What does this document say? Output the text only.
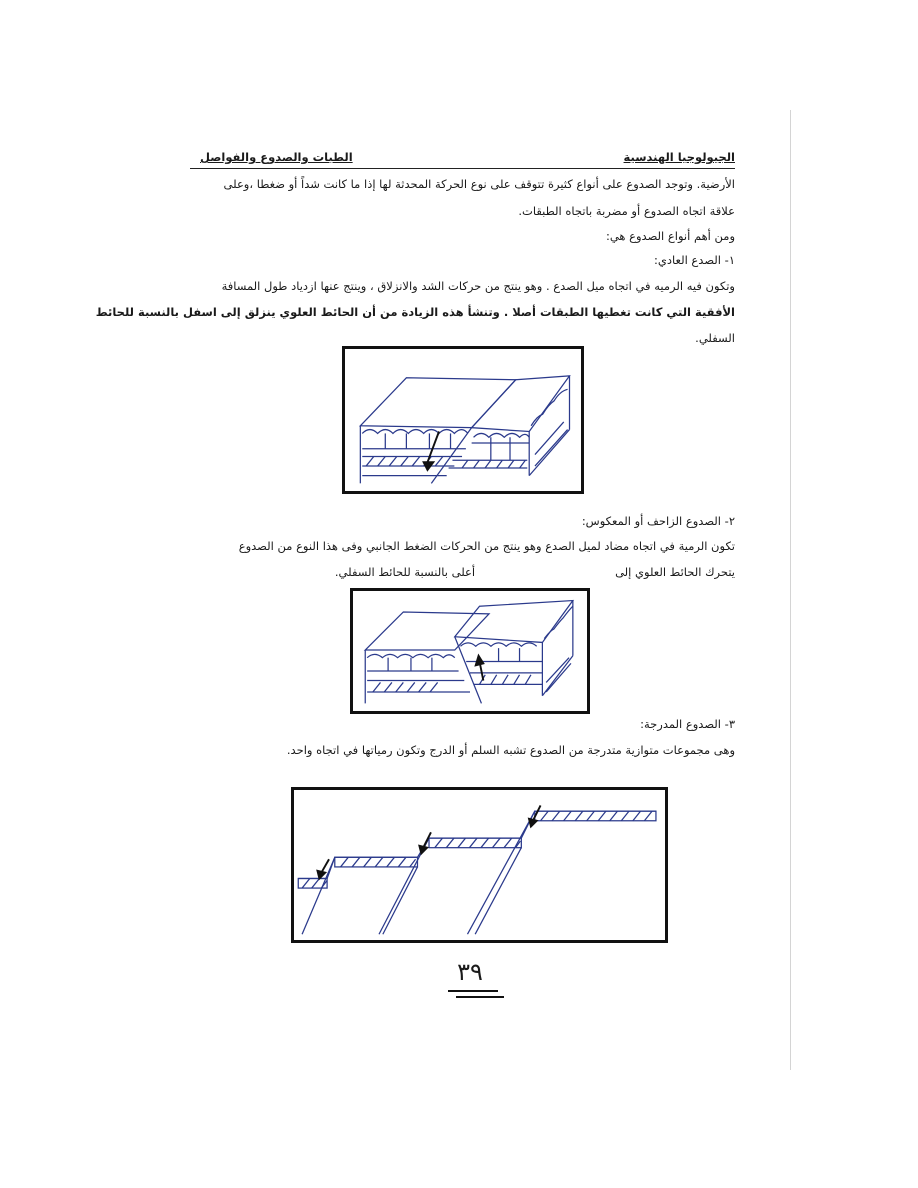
الجيولوجيا الهندسية
الطبات والصدوع والفواصل
الأرضية. وتوجد الصدوع على أنواع كثيرة تتوقف على نوع الحركة المحدثة لها إذا ما كانت شداً أو ضغطا ،وعلى
علاقة اتجاه الصدوع أو مضربة باتجاه الطبقات.
ومن أهم أنواع الصدوع هي:
١- الصدع العادي:
وتكون فيه الرميه في اتجاه ميل الصدع . وهو ينتج من حركات الشد والانزلاق ، وينتج عنها ازدياد طول المسافة
الأفقية التي كانت تغطيها الطبقات أصلا . وتنشأ هذه الزيادة من أن الحائط العلوي ينزلق إلى اسفل بالنسبة للحائط
السفلي.
٢- الصدوع الزاحف أو المعكوس:
تكون الرمية في اتجاه مضاد لميل الصدع وهو ينتج من الحركات الضغط الجانبي وفى هذا النوع من الصدوع
يتحرك الحائط العلوي إلىأعلى بالنسبة للحائط السفلي.
٣- الصدوع المدرجة:
وهى مجموعات متوازية متدرجة من الصدوع تشبه السلم أو الدرج وتكون رمياتها في اتجاه واحد.
٣٩
